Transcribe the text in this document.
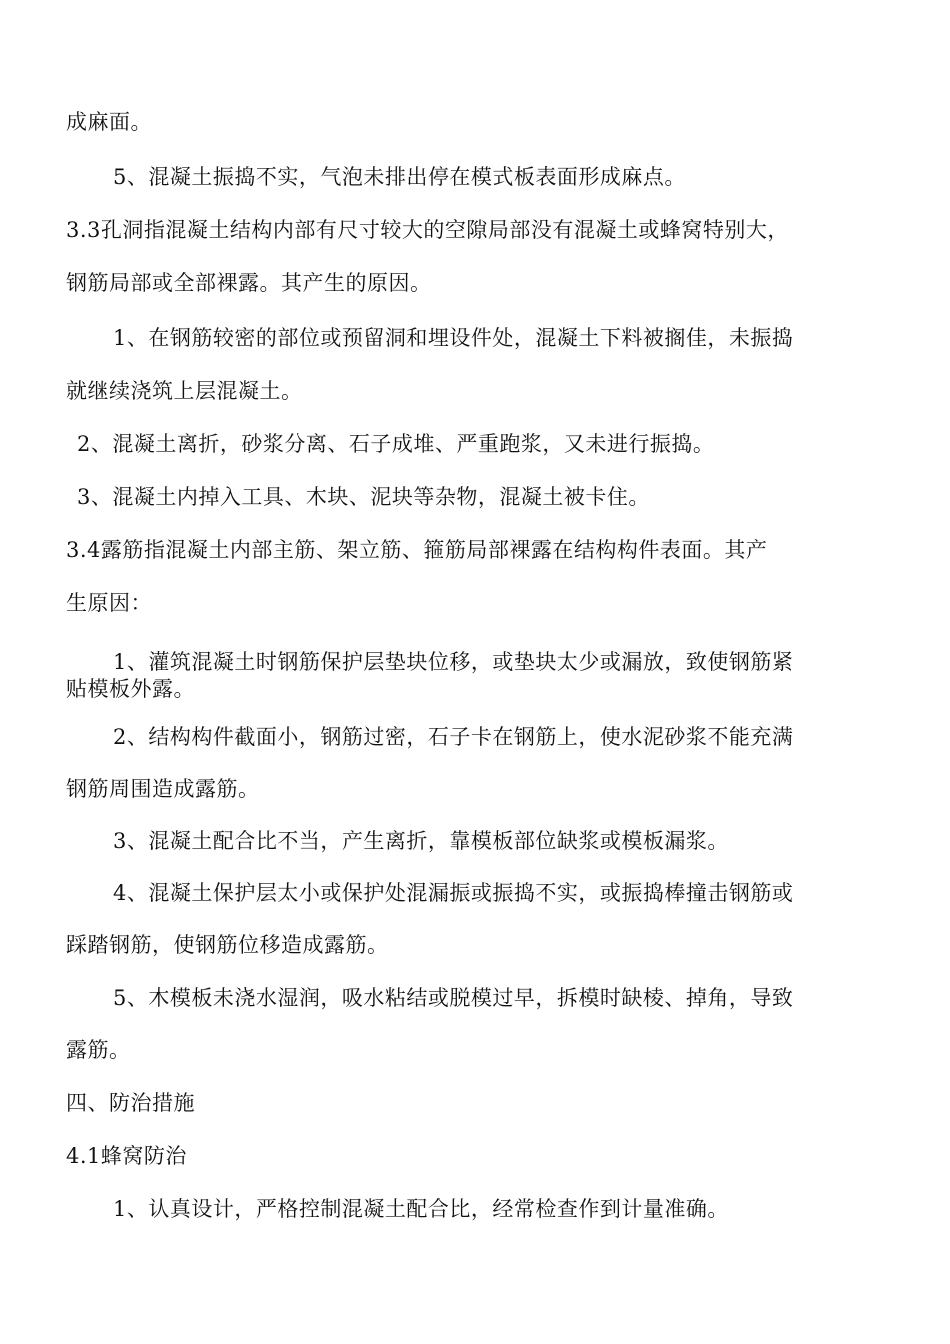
成麻面。

5、混凝土振捣不实，气泡未排出停在模式板表面形成麻点。

3.3孔洞指混凝土结构内部有尺寸较大的空隙局部没有混凝土或蜂窝特别大，

钢筋局部或全部裸露。其产生的原因。

1、在钢筋较密的部位或预留洞和埋设件处，混凝土下料被搁佳，未振捣

就继续浇筑上层混凝土。

2、混凝土离折，砂浆分离、石子成堆、严重跑浆，又未进行振捣。

3、混凝土内掉入工具、木块、泥块等杂物，混凝土被卡住。

3.4露筋指混凝土内部主筋、架立筋、箍筋局部裸露在结构构件表面。其产

生原因：

1、灌筑混凝土时钢筋保护层垫块位移，或垫块太少或漏放，致使钢筋紧

贴模板外露。

2、结构构件截面小，钢筋过密，石子卡在钢筋上，使水泥砂浆不能充满

钢筋周围造成露筋。

3、混凝土配合比不当，产生离折，靠模板部位缺浆或模板漏浆。

4、混凝土保护层太小或保护处混漏振或振捣不实，或振捣棒撞击钢筋或

踩踏钢筋，使钢筋位移造成露筋。

5、木模板未浇水湿润，吸水粘结或脱模过早，拆模时缺棱、掉角，导致

露筋。

四、防治措施

4.1蜂窝防治

1、认真设计，严格控制混凝土配合比，经常检查作到计量准确。
